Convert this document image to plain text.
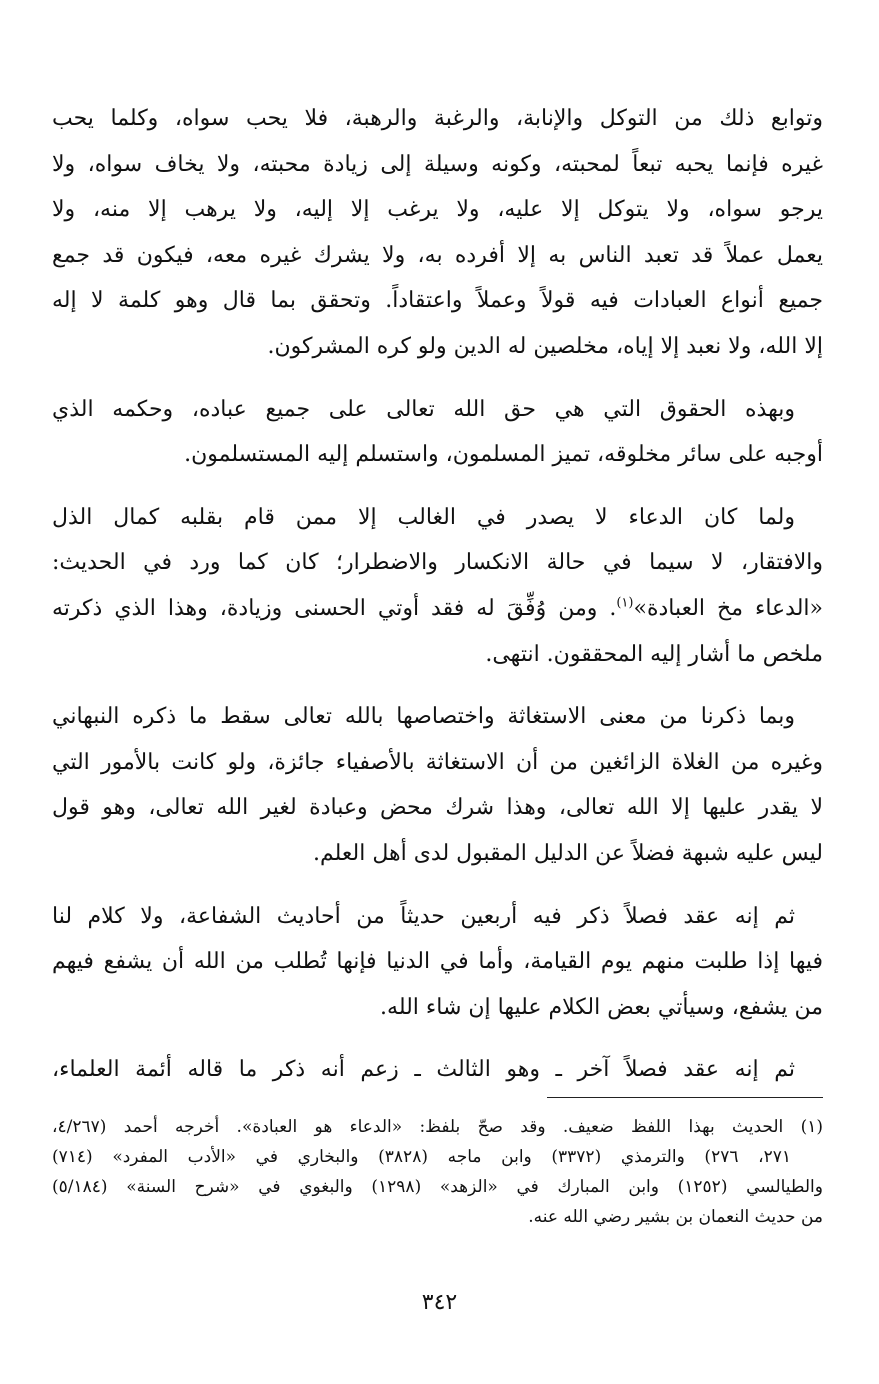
وتوابع ذلك من التوكل والإنابة، والرغبة والرهبة، فلا يحب سواه، وكلما يحب
غيره فإنما يحبه تبعاً لمحبته، وكونه وسيلة إلى زيادة محبته، ولا يخاف سواه، ولا
يرجو سواه، ولا يتوكل إلا عليه، ولا يرغب إلا إليه، ولا يرهب إلا منه، ولا
يعمل عملاً قد تعبد الناس به إلا أفرده به، ولا يشرك غيره معه، فيكون قد جمع
جميع أنواع العبادات فيه قولاً وعملاً واعتقاداً. وتحقق بما قال وهو كلمة لا إله
إلا الله، ولا نعبد إلا إياه، مخلصين له الدين ولو كره المشركون.

وبهذه الحقوق التي هي حق الله تعالى على جميع عباده، وحكمه الذي
أوجبه على سائر مخلوقه، تميز المسلمون، واستسلم إليه المستسلمون.

ولما كان الدعاء لا يصدر في الغالب إلا ممن قام بقلبه كمال الذل
والافتقار، لا سيما في حالة الانكسار والاضطرار؛ كان كما ورد في الحديث:
«الدعاء مخ العبادة»$^{(١)}$. ومن وُفِّقَ له فقد أوتي الحسنى وزيادة، وهذا الذي ذكرته
ملخص ما أشار إليه المحققون. انتهى.

وبما ذكرنا من معنى الاستغاثة واختصاصها بالله تعالى سقط ما ذكره النبهاني
وغيره من الغلاة الزائغين من أن الاستغاثة بالأصفياء جائزة، ولو كانت بالأمور التي
لا يقدر عليها إلا الله تعالى، وهذا شرك محض وعبادة لغير الله تعالى، وهو قول
ليس عليه شبهة فضلاً عن الدليل المقبول لدى أهل العلم.

ثم إنه عقد فصلاً ذكر فيه أربعين حديثاً من أحاديث الشفاعة، ولا كلام لنا
فيها إذا طلبت منهم يوم القيامة، وأما في الدنيا فإنها تُطلب من الله أن يشفع فيهم
من يشفع، وسيأتي بعض الكلام عليها إن شاء الله.

ثم إنه عقد فصلاً آخر ـ وهو الثالث ـ زعم أنه ذكر ما قاله أئمة العلماء،

(١) الحديث بهذا اللفظ ضعيف. وقد صحّ بلفظ: «الدعاء هو العبادة». أخرجه أحمد (٤/٢٦٧،
٢٧١، ٢٧٦) والترمذي (٣٣٧٢) وابن ماجه (٣٨٢٨) والبخاري في «الأدب المفرد» (٧١٤)
والطيالسي (١٢٥٢) وابن المبارك في «الزهد» (١٢٩٨) والبغوي في «شرح السنة» (٥/١٨٤)
من حديث النعمان بن بشير رضي الله عنه.
٣٤٢
